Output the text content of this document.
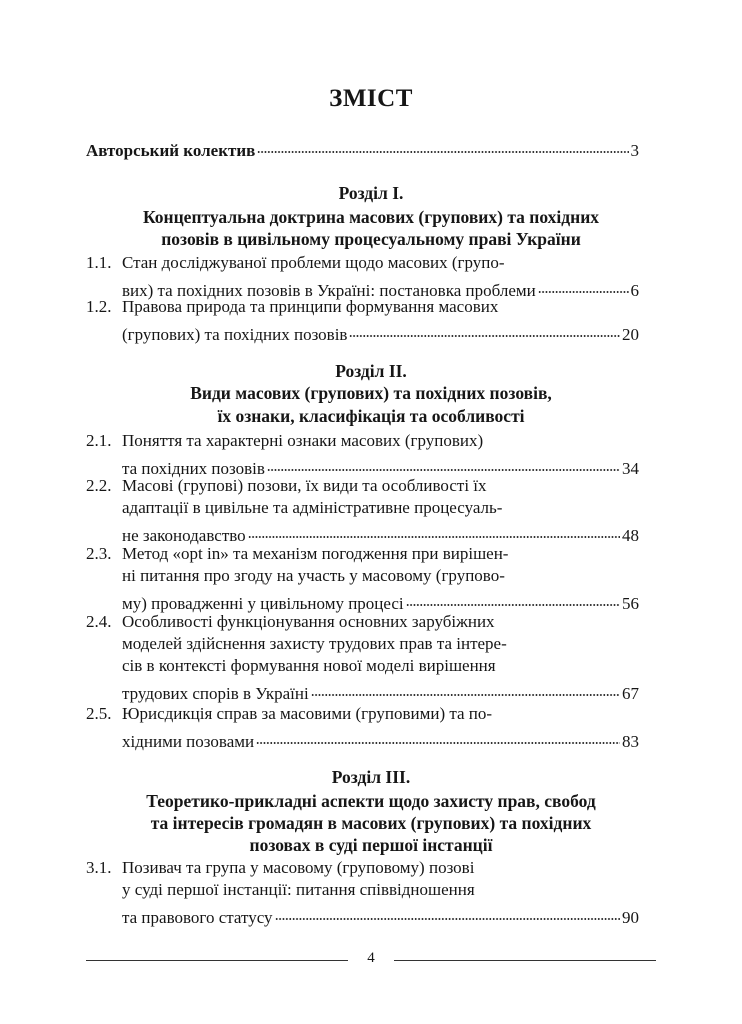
ЗМІСТ
Авторський колектив	3
Розділ I.
Концептуальна доктрина масових (групових) та похідних
позовів в цивільному процесуальному праві України
1.1. Стан досліджуваної проблеми щодо масових (групо-
вих) та похідних позовів в Україні: постановка проблеми	6
1.2. Правова природа та принципи формування масових
(групових) та похідних позовів	20
Розділ II.
Види масових (групових) та похідних позовів,
їх ознаки, класифікація та особливості
2.1. Поняття та характерні ознаки масових (групових)
та похідних позовів	34
2.2. Масові (групові) позови, їх види та особливості їх
адаптації в цивільне та адміністративне процесуаль-
не законодавство	48
2.3. Метод «opt in» та механізм погодження при вирішен-
ні питання про згоду на участь у масовому (групово-
му) провадженні у цивільному процесі	56
2.4. Особливості функціонування основних зарубіжних
моделей здійснення захисту трудових прав та інтере-
сів в контексті формування нової моделі вирішення
трудових спорів в Україні	67
2.5. Юрисдикція справ за масовими (груповими) та по-
хідними позовами	83
Розділ III.
Теоретико-прикладні аспекти щодо захисту прав, свобод
та інтересів громадян в масових (групових) та похідних
позовах в суді першої інстанції
3.1. Позивач та група у масовому (груповому) позові
у суді першої інстанції: питання співвідношення
та правового статусу	90
4
